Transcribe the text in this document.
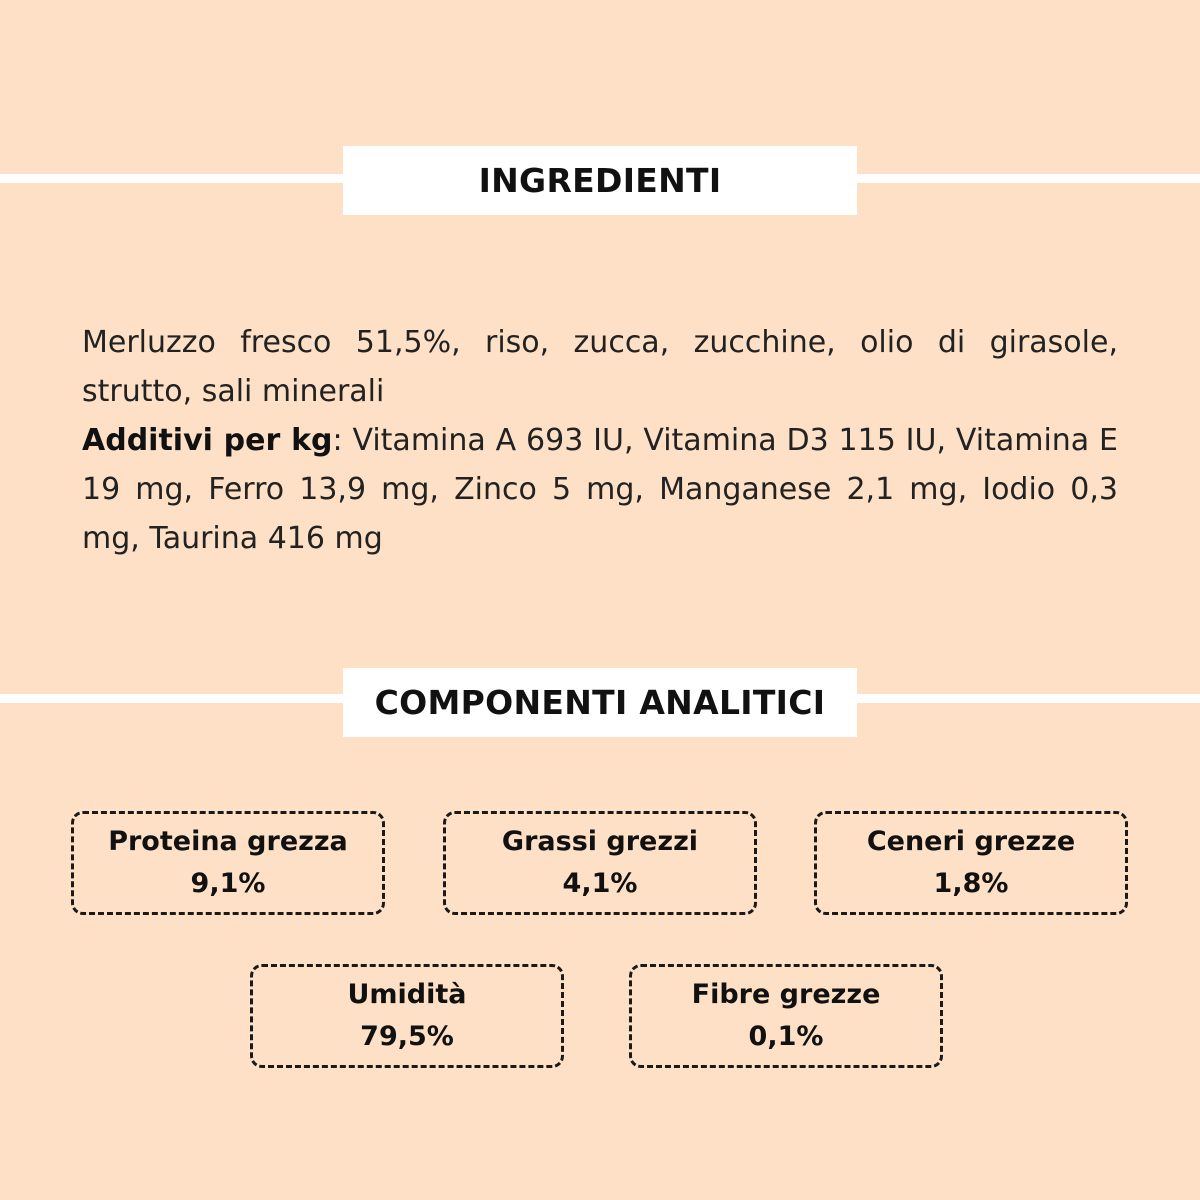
INGREDIENTI

Merluzzo fresco 51,5%, riso, zucca, zucchine, olio di girasole, strutto, sali minerali

Additivi per kg: Vitamina A 693 IU, Vitamina D3 115 IU, Vitamina E 19 mg, Ferro 13,9 mg, Zinco 5 mg, Manganese 2,1 mg, Iodio 0,3 mg, Taurina 416 mg

COMPONENTI ANALITICI
Proteina grezza
9,1%
Grassi grezzi
4,1%
Ceneri grezze
1,8%
Umidità
79,5%
Fibre grezze
0,1%
